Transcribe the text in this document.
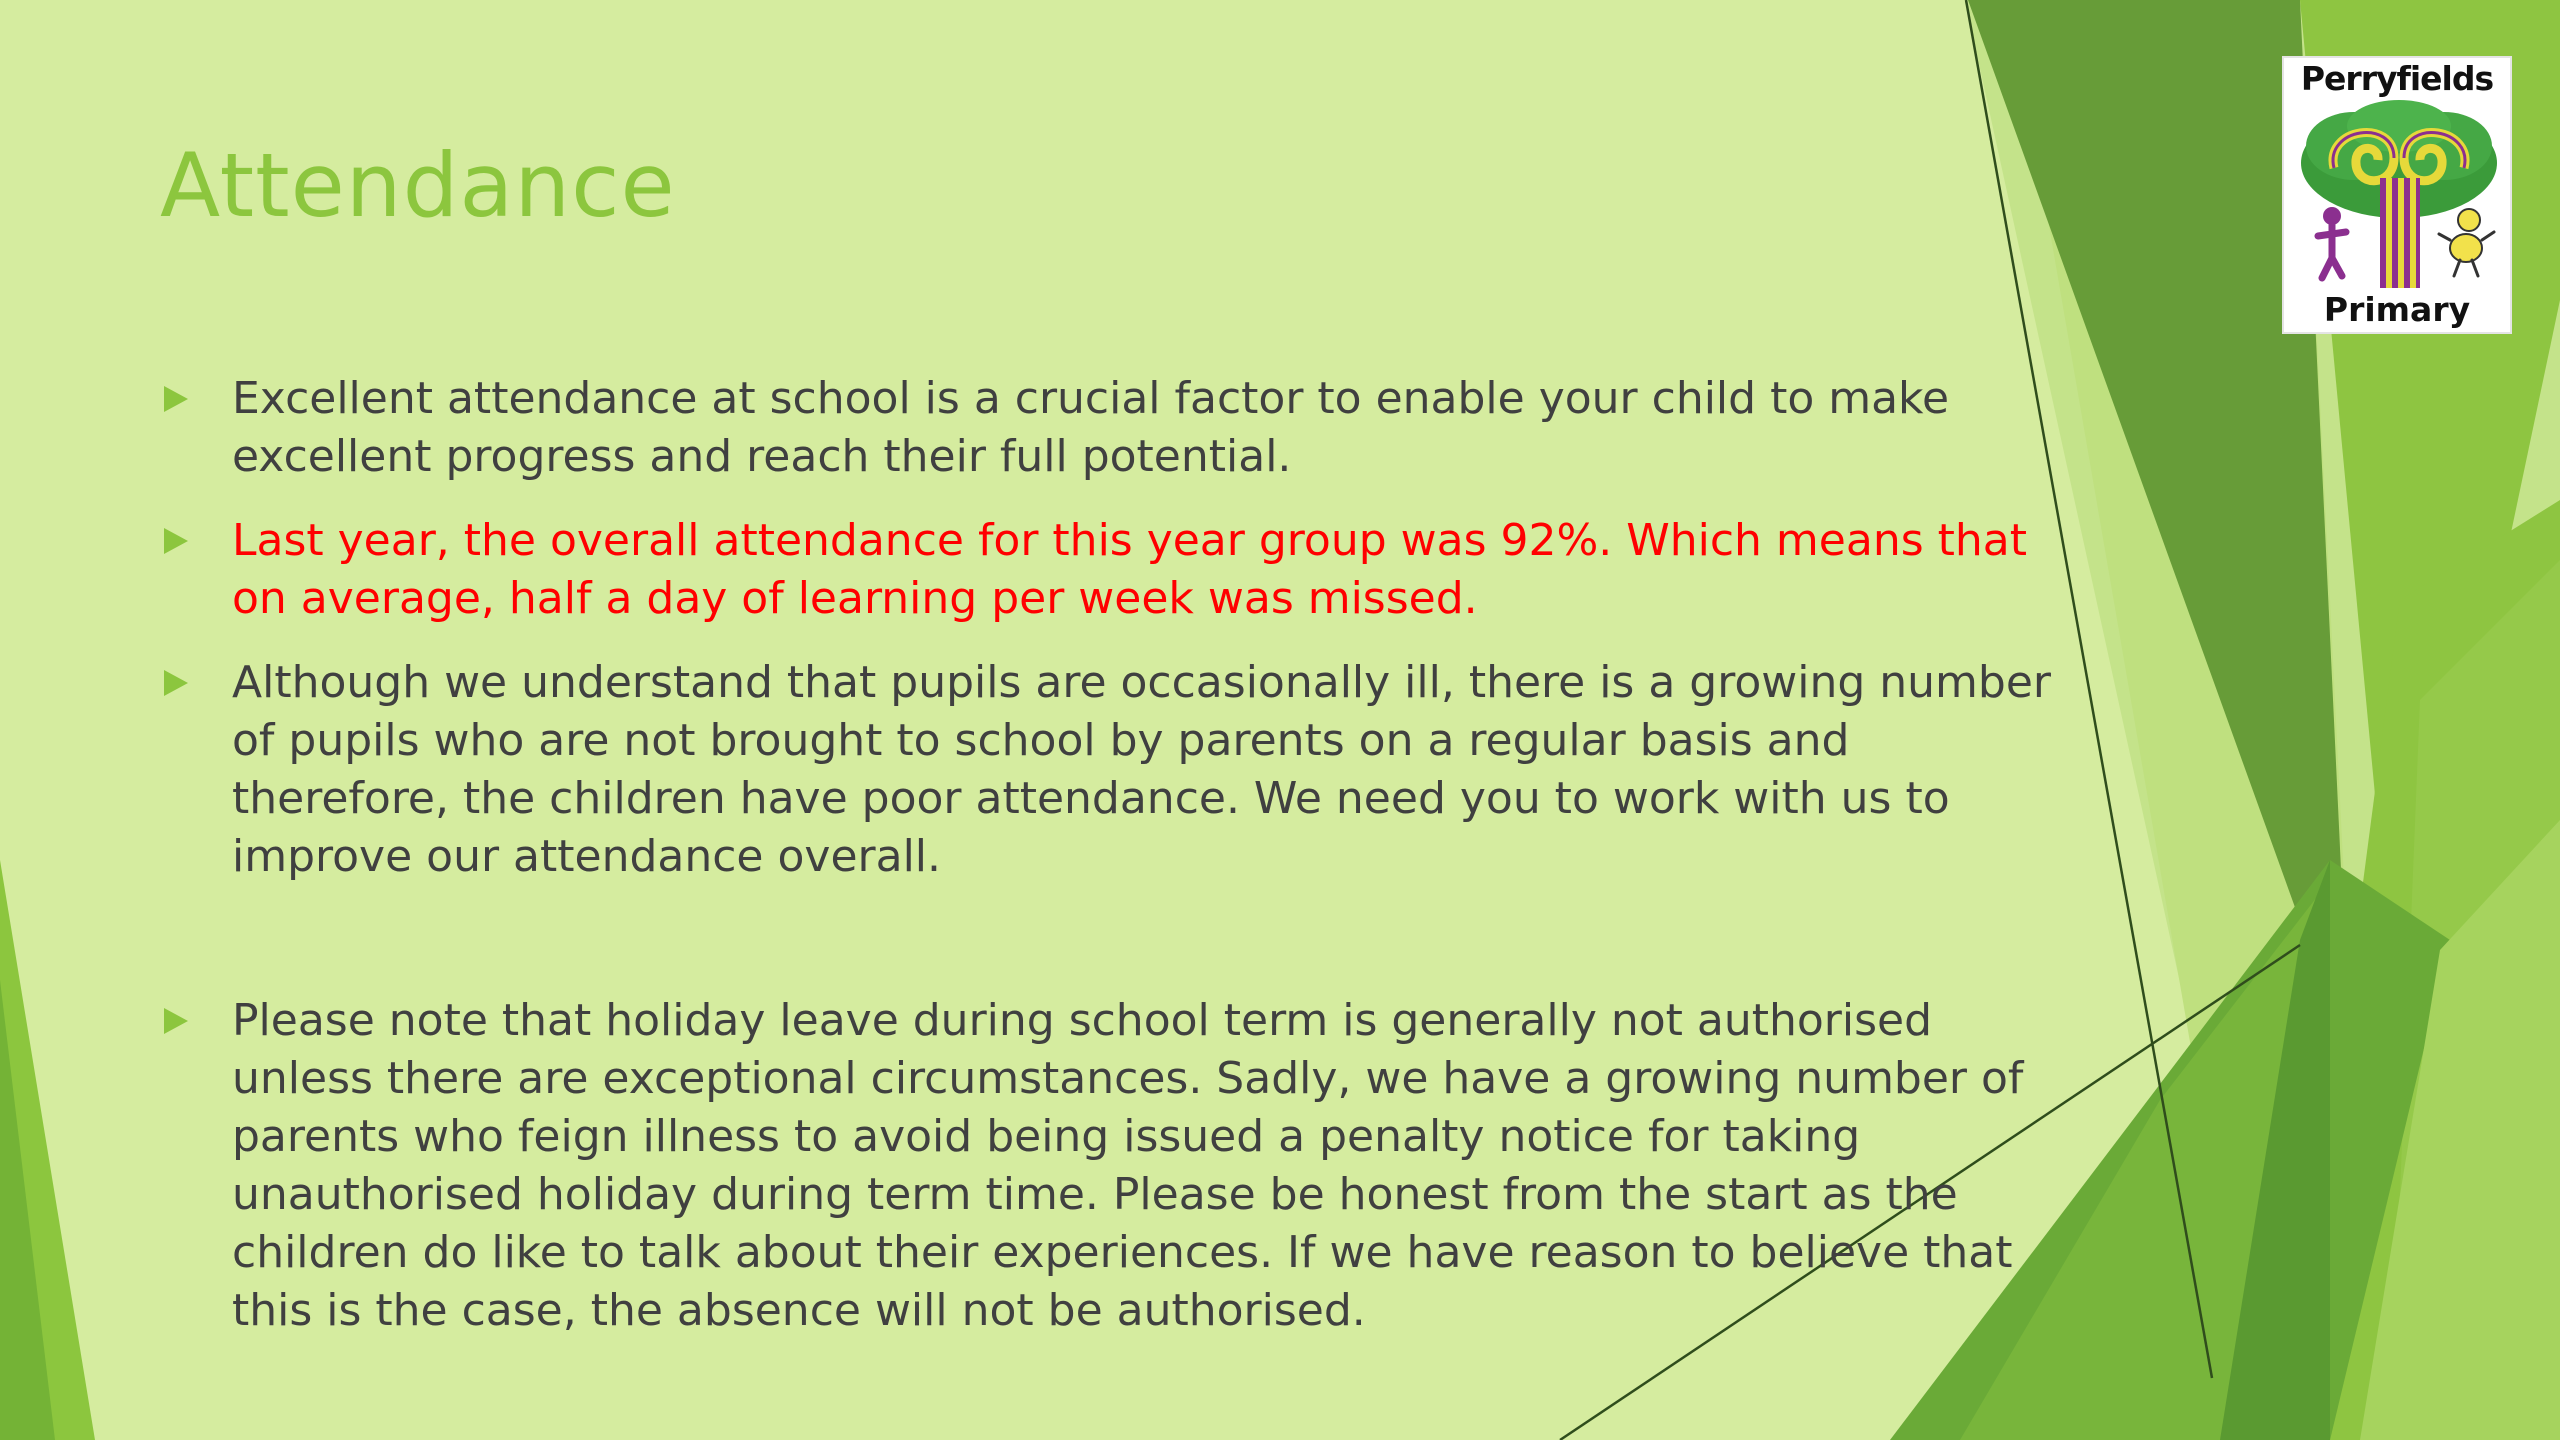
Attendance
Excellent attendance at school is a crucial factor to enable your child to make excellent progress and reach their full potential.
Last year, the overall attendance for this year group was 92%. Which means that on average, half a day of learning per week was missed.
Although we understand that pupils are occasionally ill, there is a growing number of pupils who are not brought to school by parents on a regular basis and therefore, the children have poor attendance. We need you to work with us to improve our attendance overall.
Please note that holiday leave during school term is generally not authorised unless there are exceptional circumstances. Sadly, we have a growing number of parents who feign illness to avoid being issued a penalty notice for taking unauthorised holiday during term time. Please be honest from the start as the children do like to talk about their experiences. If we have reason to believe that this is the case, the absence will not be authorised.
Perryfields
Primary
